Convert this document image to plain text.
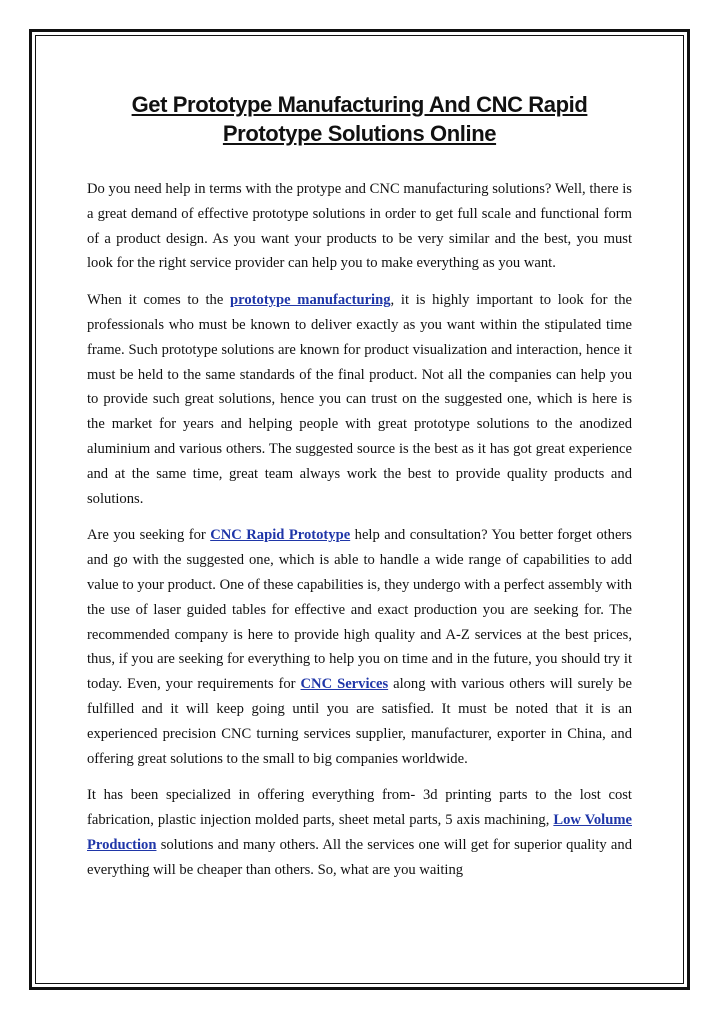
Get Prototype Manufacturing And CNC Rapid
Prototype Solutions Online

Do you need help in terms with the protype and CNC manufacturing solutions? Well, there is a great demand of effective prototype solutions in order to get full scale and functional form of a product design. As you want your products to be very similar and the best, you must look for the right service provider can help you to make everything as you want.

When it comes to the prototype manufacturing, it is highly important to look for the professionals who must be known to deliver exactly as you want within the stipulated time frame. Such prototype solutions are known for product visualization and interaction, hence it must be held to the same standards of the final product. Not all the companies can help you to provide such great solutions, hence you can trust on the suggested one, which is here is the market for years and helping people with great prototype solutions to the anodized aluminium and various others. The suggested source is the best as it has got great experience and at the same time, great team always work the best to provide quality products and solutions.

Are you seeking for CNC Rapid Prototype help and consultation? You better forget others and go with the suggested one, which is able to handle a wide range of capabilities to add value to your product. One of these capabilities is, they undergo with a perfect assembly with the use of laser guided tables for effective and exact production you are seeking for. The recommended company is here to provide high quality and A-Z services at the best prices, thus, if you are seeking for everything to help you on time and in the future, you should try it today. Even, your requirements for CNC Services along with various others will surely be fulfilled and it will keep going until you are satisfied. It must be noted that it is an experienced precision CNC turning services supplier, manufacturer, exporter in China, and offering great solutions to the small to big companies worldwide.

It has been specialized in offering everything from- 3d printing parts to the lost cost fabrication, plastic injection molded parts, sheet metal parts, 5 axis machining, Low Volume Production solutions and many others. All the services one will get for superior quality and everything will be cheaper than others. So, what are you waiting
